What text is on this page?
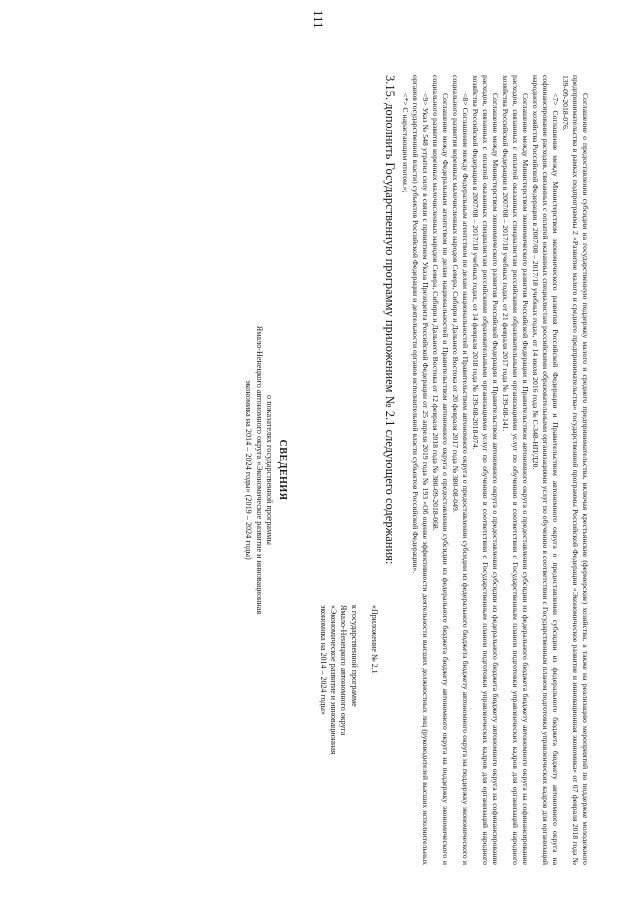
111

Соглашение о предоставлении субсидии на государственную поддержку малого и среднего предпринимательства, включая крестьянские (фермерские) хозяйства, а также на реализацию мероприятий по поддержке молодежного предпринимательства в рамках подпрограммы 2 «Развитие малого и среднего предпринимательства» государственной программы Российской Федерации «Экономическое развитие и инновационная экономика» от 07 февраля 2018 года № 139-09-2018-076.

<7> Соглашение между Министерством экономического развития Российской Федерации и Правительством автономного округа о предоставлении субсидии из федерального бюджета бюджету автономного округа на софинансирование расходов, связанных с оплатой оказанных специалистам российскими образовательными организациями услуг по обучению в соответствии с Государственным планом подготовки управленческих кадров для организаций народного хозяйства Российской Федерации в 2007/08 – 2017/18 учебных годах, от 14 июля 2016 года № С-348-НП/Д20.

Соглашение между Министерством экономического развития Российской Федерации и Правительством автономного округа о предоставлении субсидии из федерального бюджета бюджету автономного округа на софинансирование расходов, связанных с оплатой оказанных специалистам российскими образовательными организациями услуг по обучению в соответствии с Государственным планом подготовки управленческих кадров для организаций народного хозяйства Российской Федерации в 2007/08 – 2017/18 учебных годах, от 21 февраля 2017 года № 139-08-141.

Соглашение между Министерством экономического развития Российской Федерации и Правительством автономного округа о предоставлении субсидии из федерального бюджета бюджету автономного округа на софинансирование расходов, связанных с оплатой оказанных специалистам российскими образовательными организациями услуг по обучению в соответствии с Государственным планом подготовки управленческих кадров для организаций народного хозяйства Российской Федерации в 2007/08 – 2017/18 учебных годах, от 14 февраля 2018 года № 139-08-2018-074.

<8> Соглашение между Федеральным агентством по делам национальностей и Правительством автономного округа о предоставлении субсидии из федерального бюджета бюджету автономного округа на поддержку экономического и социального развития коренных малочисленных народов Севера, Сибири и Дальнего Востока от 20 февраля 2017 года № 380-08-049.

Соглашение между Федеральным агентством по делам национальностей и Правительством автономного округа о предоставлении субсидии из федерального бюджета бюджету автономного округа на поддержку экономического и социального развития коренных малочисленных народов Севера, Сибири и Дальнего Востока от 12 февраля 2018 года № 380-09-2018-068.

<9> Указ № 548 утратил силу в связи с принятием Указа Президента Российской Федерации от 25 апреля 2019 года № 193 «Об оценке эффективности деятельности высших должностных лиц (руководителей высших исполнительных органов государственной власти) субъектов Российской Федерации и деятельности органов исполнительной власти субъектов Российской Федерации».

<*> С нарастающим итогом.»;

3.15. дополнить Государственную программу приложением № 2.1 следующего содержания:

«Приложение № 2.1
к государственной программе
Ямало-Ненецкого автономного округа
«Экономическое развитие и инновационная
экономика на 2014 – 2024 годы»
СВЕДЕНИЯ
о показателях государственной программы
Ямало-Ненецкого автономного округа «Экономическое развитие и инновационная
экономика на 2014 – 2024 годы» (2019 – 2024 годы)
